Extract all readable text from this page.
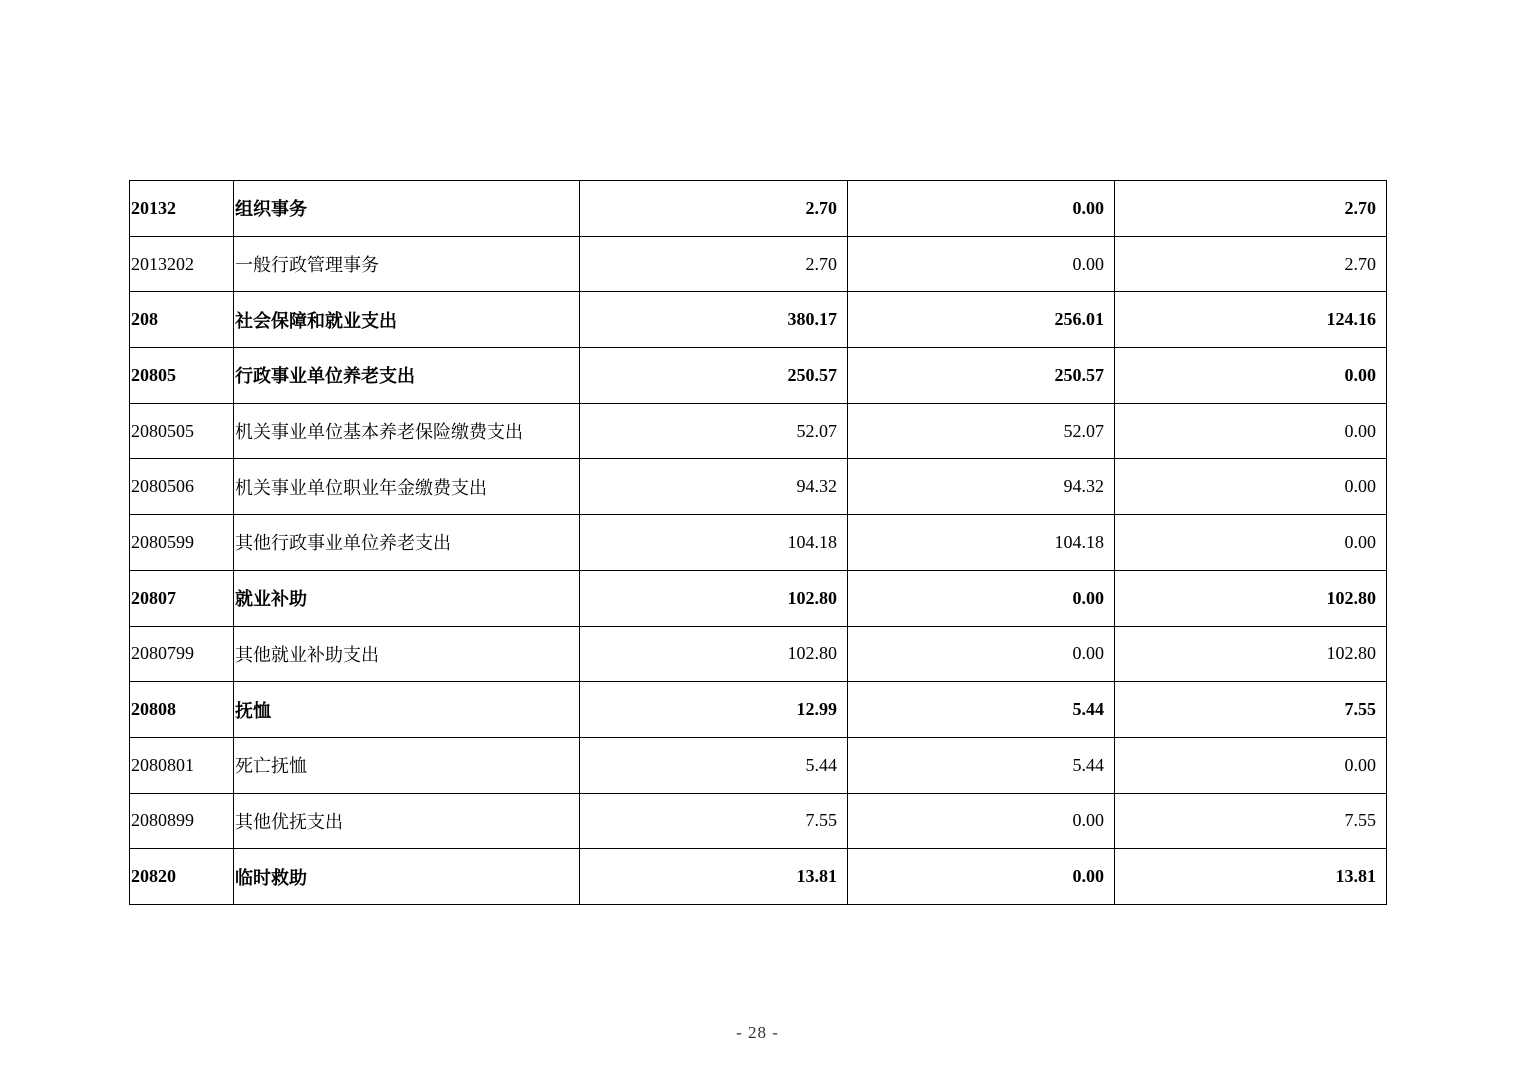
20132	组织事务	2.70	0.00	2.70
2013202	一般行政管理事务	2.70	0.00	2.70
208	社会保障和就业支出	380.17	256.01	124.16
20805	行政事业单位养老支出	250.57	250.57	0.00
2080505	机关事业单位基本养老保险缴费支出	52.07	52.07	0.00
2080506	机关事业单位职业年金缴费支出	94.32	94.32	0.00
2080599	其他行政事业单位养老支出	104.18	104.18	0.00
20807	就业补助	102.80	0.00	102.80
2080799	其他就业补助支出	102.80	0.00	102.80
20808	抚恤	12.99	5.44	7.55
2080801	死亡抚恤	5.44	5.44	0.00
2080899	其他优抚支出	7.55	0.00	7.55
20820	临时救助	13.81	0.00	13.81
- 28 -
